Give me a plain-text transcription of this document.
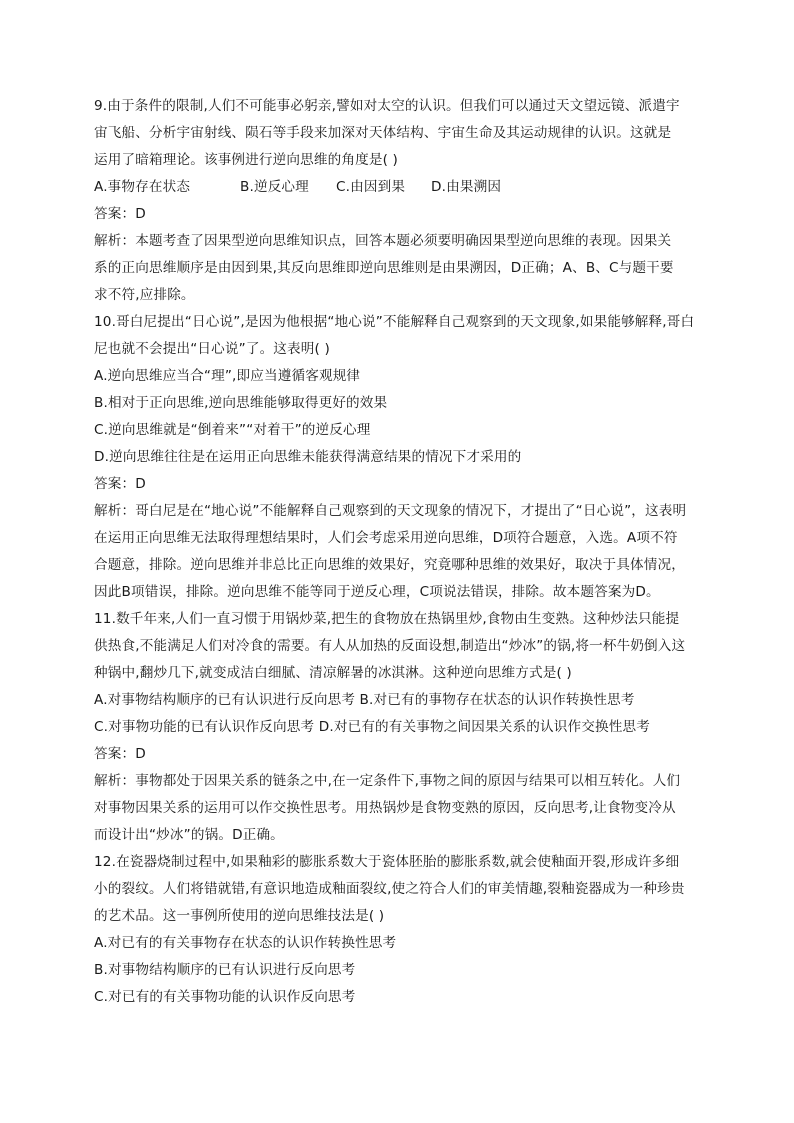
9.由于条件的限制,人们不可能事必躬亲,譬如对太空的认识。但我们可以通过天文望远镜、派遣宇
宙飞船、分析宇宙射线、陨石等手段来加深对天体结构、宇宙生命及其运动规律的认识。这就是
运用了暗箱理论。该事例进行逆向思维的角度是( )
A.事物存在状态	B.逆反心理 C.由因到果 D.由果溯因
答案：D
解析：本题考查了因果型逆向思维知识点，回答本题必须要明确因果型逆向思维的表现。因果关
系的正向思维顺序是由因到果,其反向思维即逆向思维则是由果溯因，D正确；A、B、C与题干要
求不符,应排除。
10.哥白尼提出“日心说”,是因为他根据“地心说”不能解释自己观察到的天文现象,如果能够解释,哥白
尼也就不会提出“日心说”了。这表明( )
A.逆向思维应当合“理”,即应当遵循客观规律
B.相对于正向思维,逆向思维能够取得更好的效果
C.逆向思维就是“倒着来”“对着干”的逆反心理
D.逆向思维往往是在运用正向思维未能获得满意结果的情况下才采用的
答案：D
解析：哥白尼是在“地心说”不能解释自己观察到的天文现象的情况下，才提出了“日心说”，这表明
在运用正向思维无法取得理想结果时，人们会考虑采用逆向思维，D项符合题意，入选。A项不符
合题意，排除。逆向思维并非总比正向思维的效果好，究竟哪种思维的效果好，取决于具体情况，
因此B项错误，排除。逆向思维不能等同于逆反心理，C项说法错误，排除。故本题答案为D。
11.数千年来,人们一直习惯于用锅炒菜,把生的食物放在热锅里炒,食物由生变熟。这种炒法只能提
供热食,不能满足人们对冷食的需要。有人从加热的反面设想,制造出“炒冰”的锅,将一杯牛奶倒入这
种锅中,翻炒几下,就变成洁白细腻、清凉解暑的冰淇淋。这种逆向思维方式是( )
A.对事物结构顺序的已有认识进行反向思考 B.对已有的事物存在状态的认识作转换性思考
C.对事物功能的已有认识作反向思考 D.对已有的有关事物之间因果关系的认识作交换性思考
答案：D
解析：事物都处于因果关系的链条之中,在一定条件下,事物之间的原因与结果可以相互转化。人们
对事物因果关系的运用可以作交换性思考。用热锅炒是食物变熟的原因，反向思考,让食物变冷从
而设计出“炒冰”的锅。D正确。
12.在瓷器烧制过程中,如果釉彩的膨胀系数大于瓷体胚胎的膨胀系数,就会使釉面开裂,形成许多细
小的裂纹。人们将错就错,有意识地造成釉面裂纹,使之符合人们的审美情趣,裂釉瓷器成为一种珍贵
的艺术品。这一事例所使用的逆向思维技法是( )
A.对已有的有关事物存在状态的认识作转换性思考
B.对事物结构顺序的已有认识进行反向思考
C.对已有的有关事物功能的认识作反向思考
